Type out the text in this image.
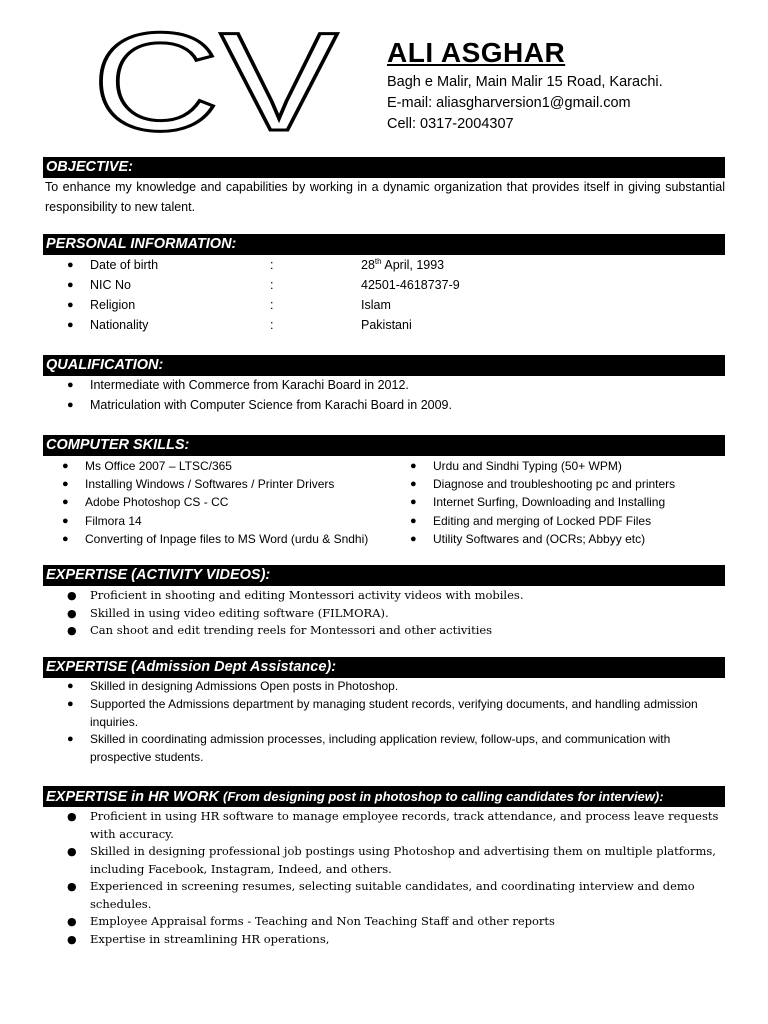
CV ALI ASGHAR
Bagh e Malir, Main Malir 15 Road, Karachi.
E-mail: aliasgharversion1@gmail.com
Cell: 0317-2004307
OBJECTIVE:
To enhance my knowledge and capabilities by working in a dynamic organization that provides itself in giving substantial responsibility to new talent.
PERSONAL INFORMATION:
● Date of birth	:	28th April, 1993
● NIC No	:	42501-4618737-9
● Religion	:	Islam
● Nationality	:	Pakistani
QUALIFICATION:
● Intermediate with Commerce from Karachi Board in 2012.
● Matriculation with Computer Science from Karachi Board in 2009.
COMPUTER SKILLS:
● Ms Office 2007 – LTSC/365
● Installing Windows / Softwares / Printer Drivers
● Adobe Photoshop CS - CC
● Filmora 14
● Converting of Inpage files to MS Word (urdu & Sndhi)
● Urdu and Sindhi Typing (50+ WPM)
● Diagnose and troubleshooting pc and printers
● Internet Surfing, Downloading and Installing
● Editing and merging of Locked PDF Files
● Utility Softwares and (OCRs; Abbyy etc)
EXPERTISE (ACTIVITY VIDEOS):
● Proficient in shooting and editing Montessori activity videos with mobiles.
● Skilled in using video editing software (FILMORA).
● Can shoot and edit trending reels for Montessori and other activities
EXPERTISE (Admission Dept Assistance):
● Skilled in designing Admissions Open posts in Photoshop.
● Supported the Admissions department by managing student records, verifying documents, and handling admission inquiries.
● Skilled in coordinating admission processes, including application review, follow-ups, and communication with prospective students.
EXPERTISE in HR WORK (From designing post in photoshop to calling candidates for interview):
● Proficient in using HR software to manage employee records, track attendance, and process leave requests with accuracy.
● Skilled in designing professional job postings using Photoshop and advertising them on multiple platforms, including Facebook, Instagram, Indeed, and others.
● Experienced in screening resumes, selecting suitable candidates, and coordinating interview and demo schedules.
● Employee Appraisal forms - Teaching and Non Teaching Staff and other reports
● Expertise in streamlining HR operations,
